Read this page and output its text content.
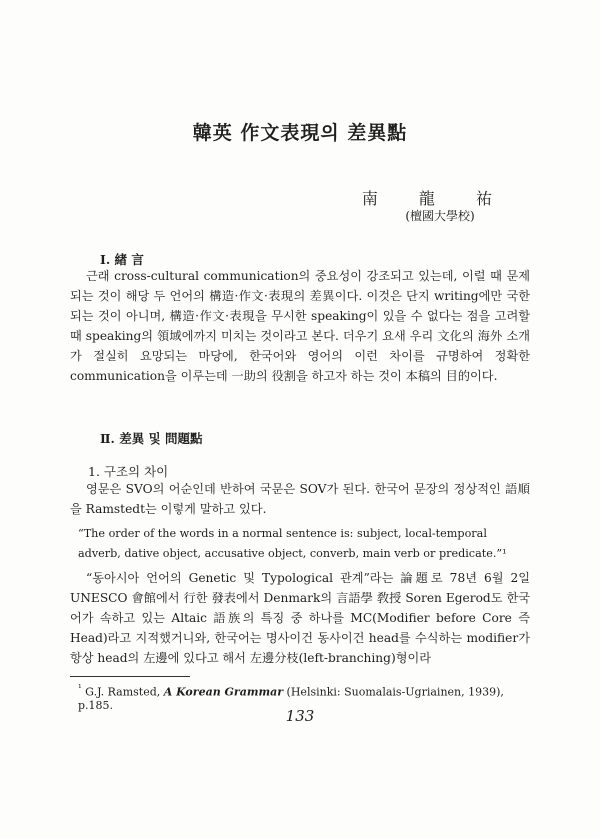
韓英 作文表現의 差異點

南 龍 祐

(檀國大學校)

Ⅰ. 緖 言

근래 cross-cultural communication의 중요성이 강조되고 있는데, 이럴 때 문제되는 것이 해당 두 언어의 構造·作文·表現의 差異이다. 이것은 단지 writing에만 국한되는 것이 아니며, 構造·作文·表現을 무시한 speaking이 있을 수 없다는 점을 고려할 때 speaking의 領域에까지 미치는 것이라고 본다. 더우기 요새 우리 文化의 海外 소개가 절실히 요망되는 마당에, 한국어와 영어의 이런 차이를 규명하여 정확한 communication을 이루는데 一助의 役割을 하고자 하는 것이 本稿의 目的이다.

Ⅱ. 差異 및 問題點

1. 구조의 차이

영문은 SVO의 어순인데 반하여 국문은 SOV가 된다. 한국어 문장의 정상적인 語順을 Ramstedt는 이렇게 말하고 있다.

“The order of the words in a normal sentence is: subject, local-temporal adverb, dative object, accusative object, converb, main verb or predicate.”¹

“동아시아 언어의 Genetic 및 Typological 관계”라는 論題로 78년 6월 2일 UNESCO 會館에서 行한 發表에서 Denmark의 言語學 敎授 Soren Egerod도 한국어가 속하고 있는 Altaic 語族의 특징 중 하나를 MC(Modifier before Core 즉 Head)라고 지적했거니와, 한국어는 명사이건 동사이건 head를 수식하는 modifier가 항상 head의 左邊에 있다고 해서 左邊分枝(left-branching)형이라

$^{^1}$ G.J. Ramsted, A Korean Grammar (Helsinki: Suomalais-Ugriainen, 1939), p.185.

133
